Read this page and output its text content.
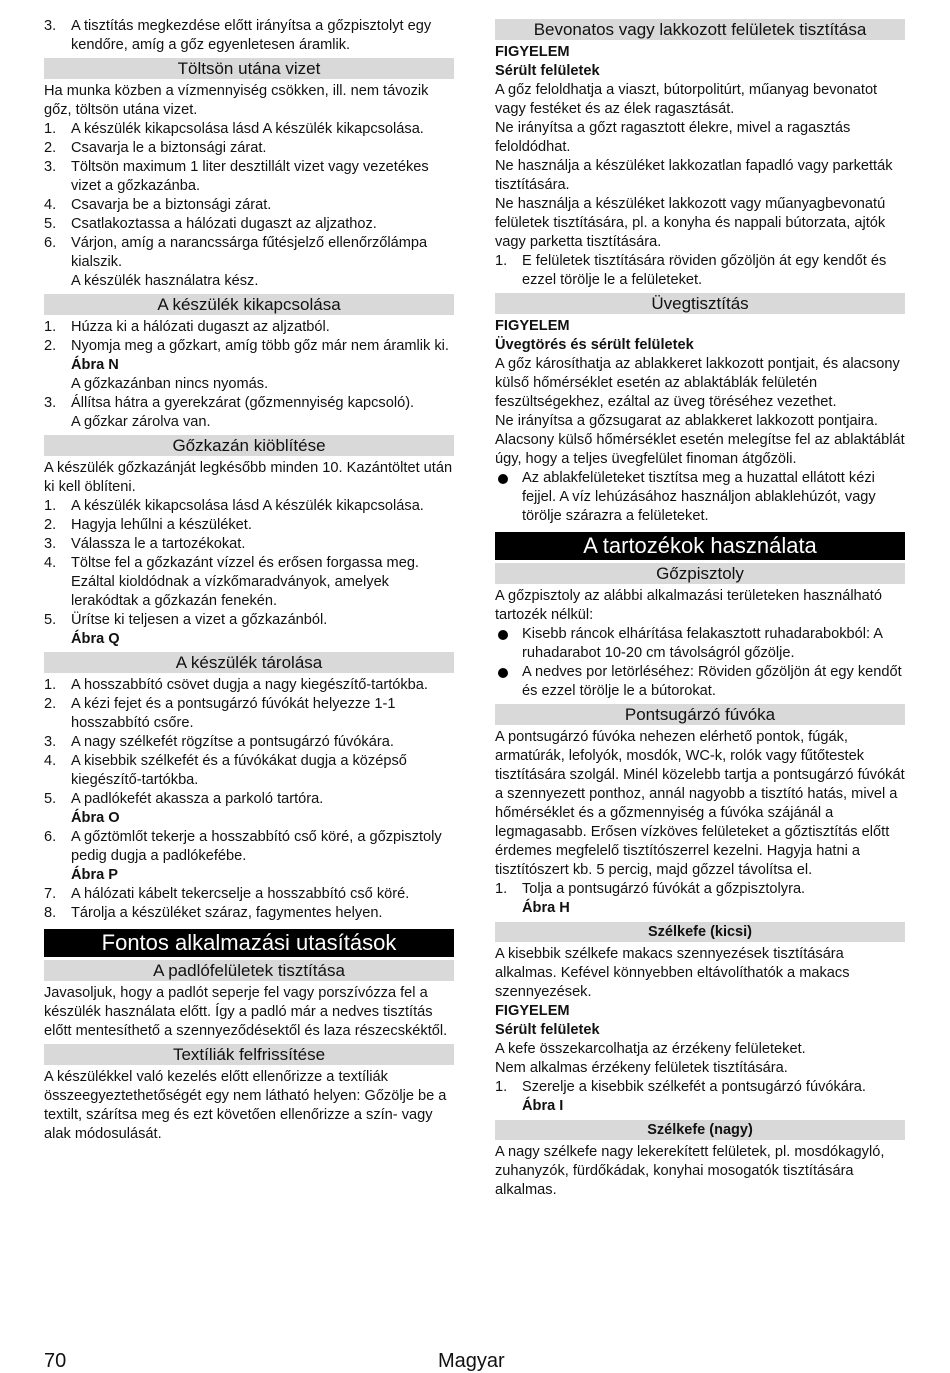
3. A tisztítás megkezdése előtt irányítsa a gőzpisztolyt egy kendőre, amíg a gőz egyenletesen áramlik.
Töltsön utána vizet

Ha munka közben a vízmennyiség csökken, ill. nem távozik gőz, töltsön utána vizet.

1. A készülék kikapcsolása lásd A készülék kikapcsolása.
2. Csavarja le a biztonsági zárat.
3. Töltsön maximum 1 liter desztillált vizet vagy vezetékes vizet a gőzkazánba.
4. Csavarja be a biztonsági zárat.
5. Csatlakoztassa a hálózati dugaszt az aljzathoz.
6. Várjon, amíg a narancssárga fűtésjelző ellenőrzőlámpa kialszik.
A készülék használatra kész.
A készülék kikapcsolása
1. Húzza ki a hálózati dugaszt az aljzatból.
2. Nyomja meg a gőzkart, amíg több gőz már nem áramlik ki.
Ábra N
A gőzkazánban nincs nyomás.
3. Állítsa hátra a gyerekzárat (gőzmennyiség kapcsoló).
A gőzkar zárolva van.
Gőzkazán kiöblítése

A készülék gőzkazánját legkésőbb minden 10. Kazántöltet után ki kell öblíteni.

1. A készülék kikapcsolása lásd A készülék kikapcsolása.
2. Hagyja lehűlni a készüléket.
3. Válassza le a tartozékokat.
4. Töltse fel a gőzkazánt vízzel és erősen forgassa meg. Ezáltal kioldódnak a vízkőmaradványok, amelyek lerakódtak a gőzkazán fenekén.
5. Ürítse ki teljesen a vizet a gőzkazánból.
Ábra Q
A készülék tárolása
1. A hosszabbító csövet dugja a nagy kiegészítő-tartókba.
2. A kézi fejet és a pontsugárzó fúvókát helyezze 1-1 hosszabbító csőre.
3. A nagy szélkefét rögzítse a pontsugárzó fúvókára.
4. A kisebbik szélkefét és a fúvókákat dugja a középső kiegészítő-tartókba.
5. A padlókefét akassza a parkoló tartóra.
Ábra O
6. A gőztömlőt tekerje a hosszabbító cső köré, a gőzpisztoly pedig dugja a padlókefébe.
Ábra P
7. A hálózati kábelt tekercselje a hosszabbító cső köré.
8. Tárolja a készüléket száraz, fagymentes helyen.
Fontos alkalmazási utasítások
A padlófelületek tisztítása

Javasoljuk, hogy a padlót seperje fel vagy porszívózza fel a készülék használata előtt. Így a padló már a nedves tisztítás előtt mentesíthető a szennyeződésektől és laza részecskéktől.

Textíliák felfrissítése

A készülékkel való kezelés előtt ellenőrizze a textíliák összeegyeztethetőségét egy nem látható helyen: Gőzölje be a textilt, szárítsa meg és ezt követően ellenőrizze a szín- vagy alak módosulását.

Bevonatos vagy lakkozott felületek tisztítása

FIGYELEM

Sérült felületek

A gőz feloldhatja a viaszt, bútorpolitúrt, műanyag bevonatot vagy festéket és az élek ragasztását.

Ne irányítsa a gőzt ragasztott élekre, mivel a ragasztás feloldódhat.

Ne használja a készüléket lakkozatlan fapadló vagy parketták tisztítására.

Ne használja a készüléket lakkozott vagy műanyagbevonatú felületek tisztítására, pl. a konyha és nappali bútorzata, ajtók vagy parketta tisztítására.

1. E felületek tisztítására röviden gőzöljön át egy kendőt és ezzel törölje le a felületeket.
Üvegtisztítás

FIGYELEM

Üvegtörés és sérült felületek

A gőz károsíthatja az ablakkeret lakkozott pontjait, és alacsony külső hőmérséklet esetén az ablaktáblák felületén feszültségekhez, ezáltal az üveg töréséhez vezethet.

Ne irányítsa a gőzsugarat az ablakkeret lakkozott pontjaira.

Alacsony külső hőmérséklet esetén melegítse fel az ablaktáblát úgy, hogy a teljes üvegfelület finoman átgőzöli.

Az ablakfelületeket tisztítsa meg a huzattal ellátott kézi fejjel. A víz lehúzásához használjon ablaklehúzót, vagy törölje szárazra a felületeket.
A tartozékok használata
Gőzpisztoly

A gőzpisztoly az alábbi alkalmazási területeken használható tartozék nélkül:

Kisebb ráncok elhárítása felakasztott ruhadarabokból: A ruhadarabot 10-20 cm távolságról gőzölje.
A nedves por letörléséhez: Röviden gőzöljön át egy kendőt és ezzel törölje le a bútorokat.
Pontsugárzó fúvóka

A pontsugárzó fúvóka nehezen elérhető pontok, fúgák, armatúrák, lefolyók, mosdók, WC-k, rolók vagy fűtőtestek tisztítására szolgál. Minél közelebb tartja a pontsugárzó fúvókát a szennyezett ponthoz, annál nagyobb a tisztító hatás, mivel a hőmérséklet és a gőzmennyiség a fúvóka szájánál a legmagasabb. Erősen vízköves felületeket a gőztisztítás előtt érdemes megfelelő tisztítószerrel kezelni. Hagyja hatni a tisztítószert kb. 5 percig, majd gőzzel távolítsa el.

1. Tolja a pontsugárzó fúvókát a gőzpisztolyra.
Ábra H
Szélkefe (kicsi)

A kisebbik szélkefe makacs szennyezések tisztítására alkalmas. Kefével könnyebben eltávolíthatók a makacs szennyezések.

FIGYELEM

Sérült felületek

A kefe összekarcolhatja az érzékeny felületeket.

Nem alkalmas érzékeny felületek tisztítására.

1. Szerelje a kisebbik szélkefét a pontsugárzó fúvókára.
Ábra I
Szélkefe (nagy)

A nagy szélkefe nagy lekerekített felületek, pl. mosdókagyló, zuhanyzók, fürdőkádak, konyhai mosogatók tisztítására alkalmas.

70	Magyar
